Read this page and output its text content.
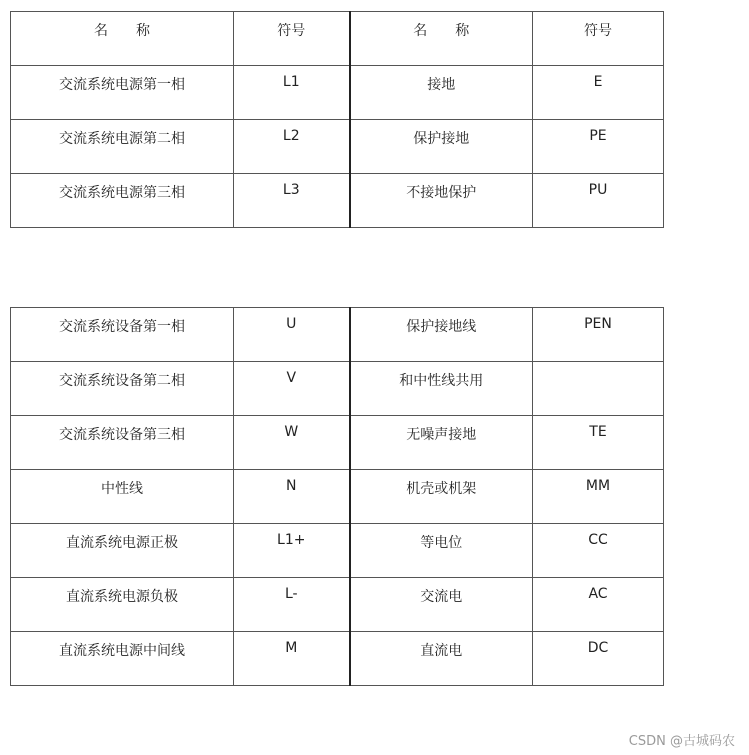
名　　称	符号	名　　称	符号
交流系统电源第一相	L1	接地	E
交流系统电源第二相	L2	保护接地	PE
交流系统电源第三相	L3	不接地保护	PU
交流系统设备第一相	U	保护接地线	PEN
交流系统设备第二相	V	和中性线共用	
交流系统设备第三相	W	无噪声接地	TE
中性线	N	机壳或机架	MM
直流系统电源正极	L1+	等电位	CC
直流系统电源负极	L-	交流电	AC
直流系统电源中间线	M	直流电	DC
CSDN @古城码农
